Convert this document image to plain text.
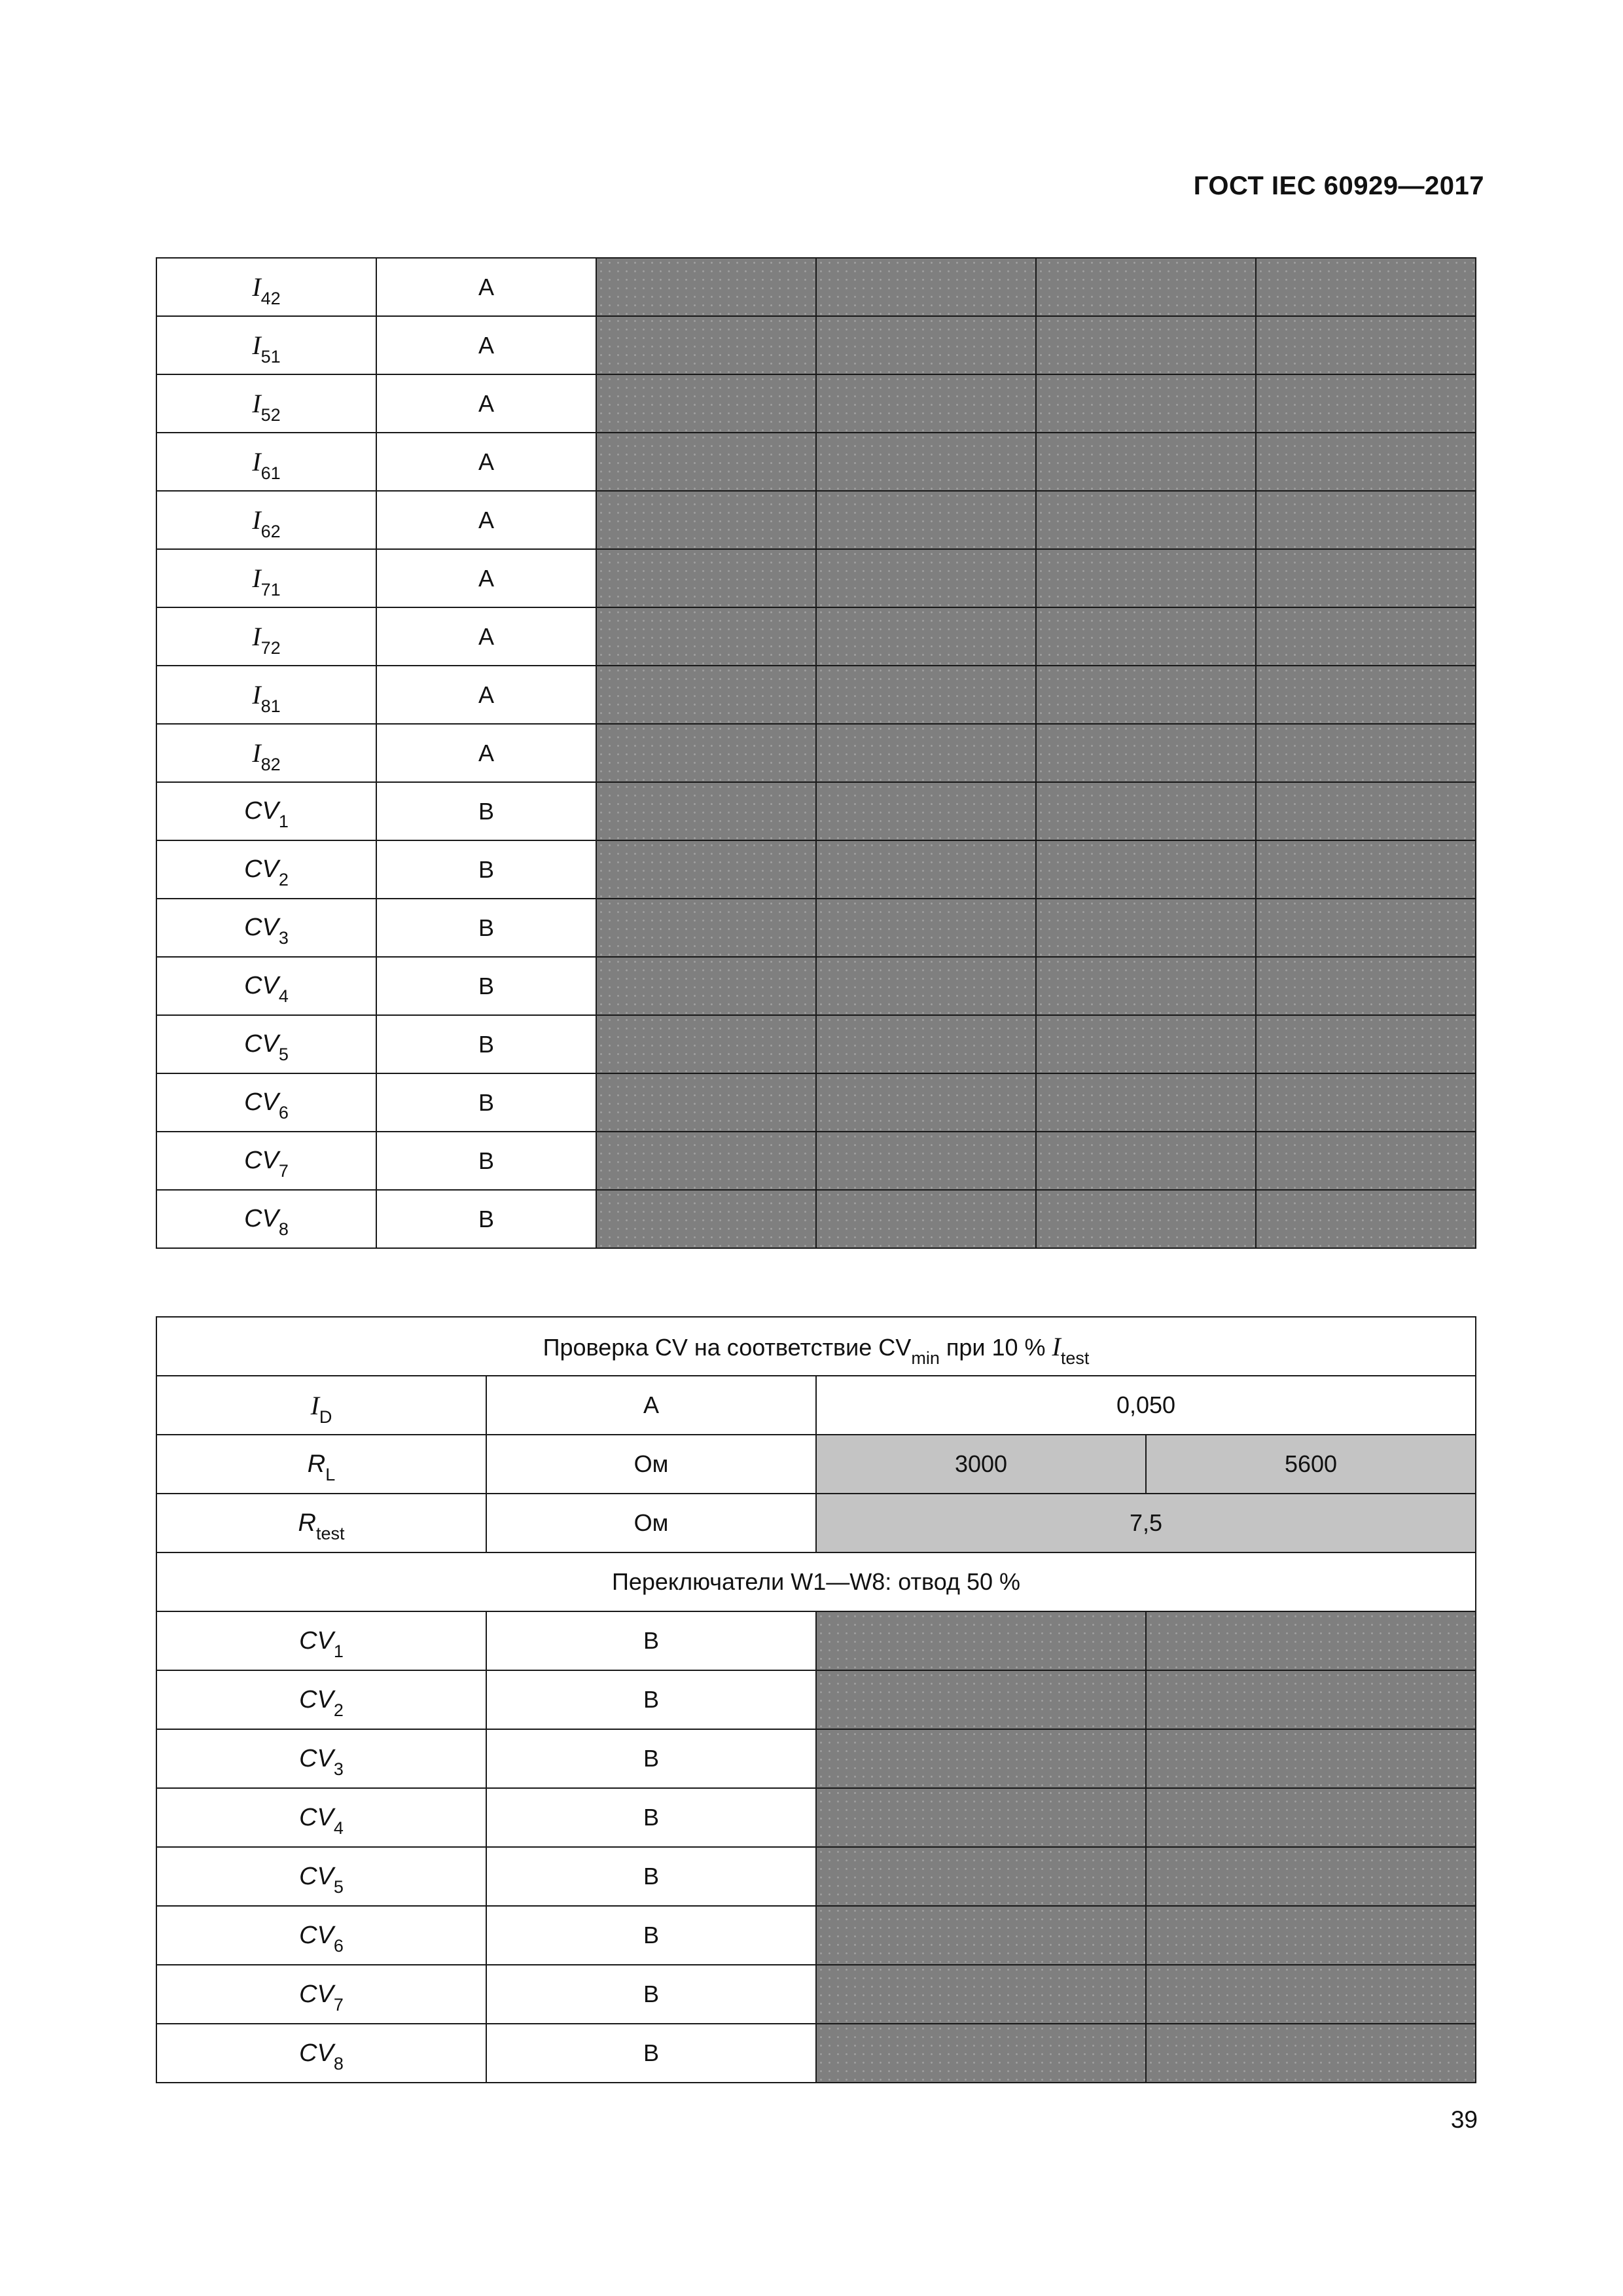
ГОСТ IEC 60929—2017
$I_{42}$	А				
$I_{51}$	А				
$I_{52}$	А				
$I_{61}$	А				
$I_{62}$	А				
$I_{71}$	А				
$I_{72}$	А				
$I_{81}$	А				
$I_{82}$	А				
$CV_1$	В				
$CV_2$	В				
$CV_3$	В				
$CV_4$	В				
$CV_5$	В				
$CV_6$	В				
$CV_7$	В				
$CV_8$	В				
Проверка CV на соответствие $CV_{min}$ при 10 % $I_{test}$
$I_D$	А	0,050	
$R_L$	Ом	3000	5600
$R_{test}$	Ом	7,5	
Переключатели W1—W8: отвод 50 %			
$CV_1$	В		
$CV_2$	В		
$CV_3$	В		
$CV_4$	В		
$CV_5$	В		
$CV_6$	В		
$CV_7$	В		
$CV_8$	В		
39
